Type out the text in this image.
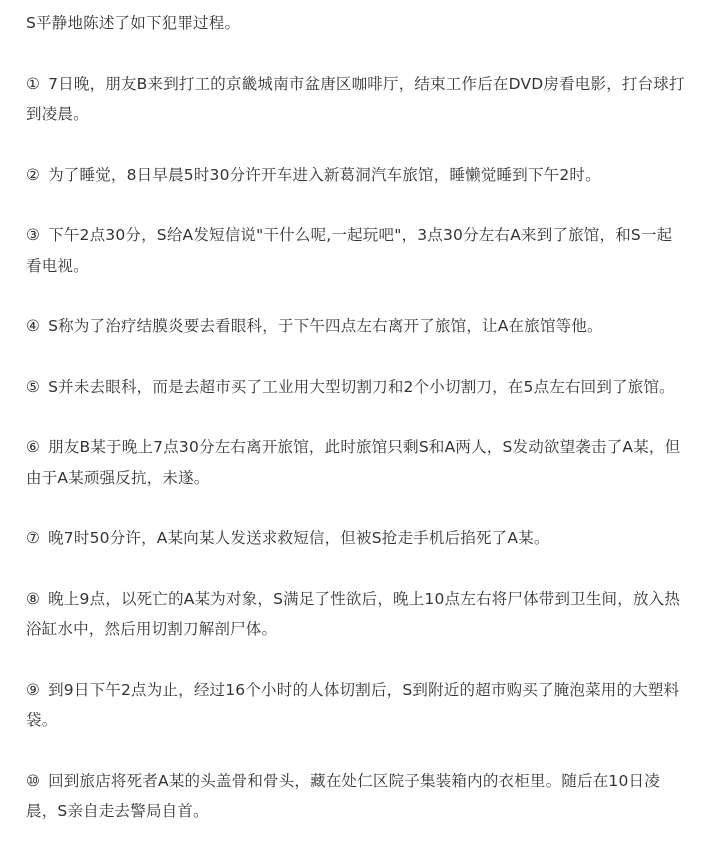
S平静地陈述了如下犯罪过程。

① 7日晚，朋友B来到打工的京畿城南市盆唐区咖啡厅，结束工作后在DVD房看电影，打台球打到凌晨。

② 为了睡觉，8日早晨5时30分许开车进入新葛洞汽车旅馆，睡懒觉睡到下午2时。

③ 下午2点30分，S给A发短信说"干什么呢,一起玩吧"，3点30分左右A来到了旅馆，和S一起看电视。

④ S称为了治疗结膜炎要去看眼科，于下午四点左右离开了旅馆，让A在旅馆等他。

⑤ S并未去眼科，而是去超市买了工业用大型切割刀和2个小切割刀，在5点左右回到了旅馆。

⑥ 朋友B某于晚上7点30分左右离开旅馆，此时旅馆只剩S和A两人，S发动欲望袭击了A某，但由于A某顽强反抗，未遂。

⑦ 晚7时50分许，A某向某人发送求救短信，但被S抢走手机后掐死了A某。

⑧ 晚上9点，以死亡的A某为对象，S满足了性欲后，晚上10点左右将尸体带到卫生间，放入热浴缸水中，然后用切割刀解剖尸体。

⑨ 到9日下午2点为止，经过16个小时的人体切割后，S到附近的超市购买了腌泡菜用的大塑料袋。

⑩ 回到旅店将死者A某的头盖骨和骨头，藏在处仁区院子集装箱内的衣柜里。随后在10日凌晨，S亲自走去警局自首。
